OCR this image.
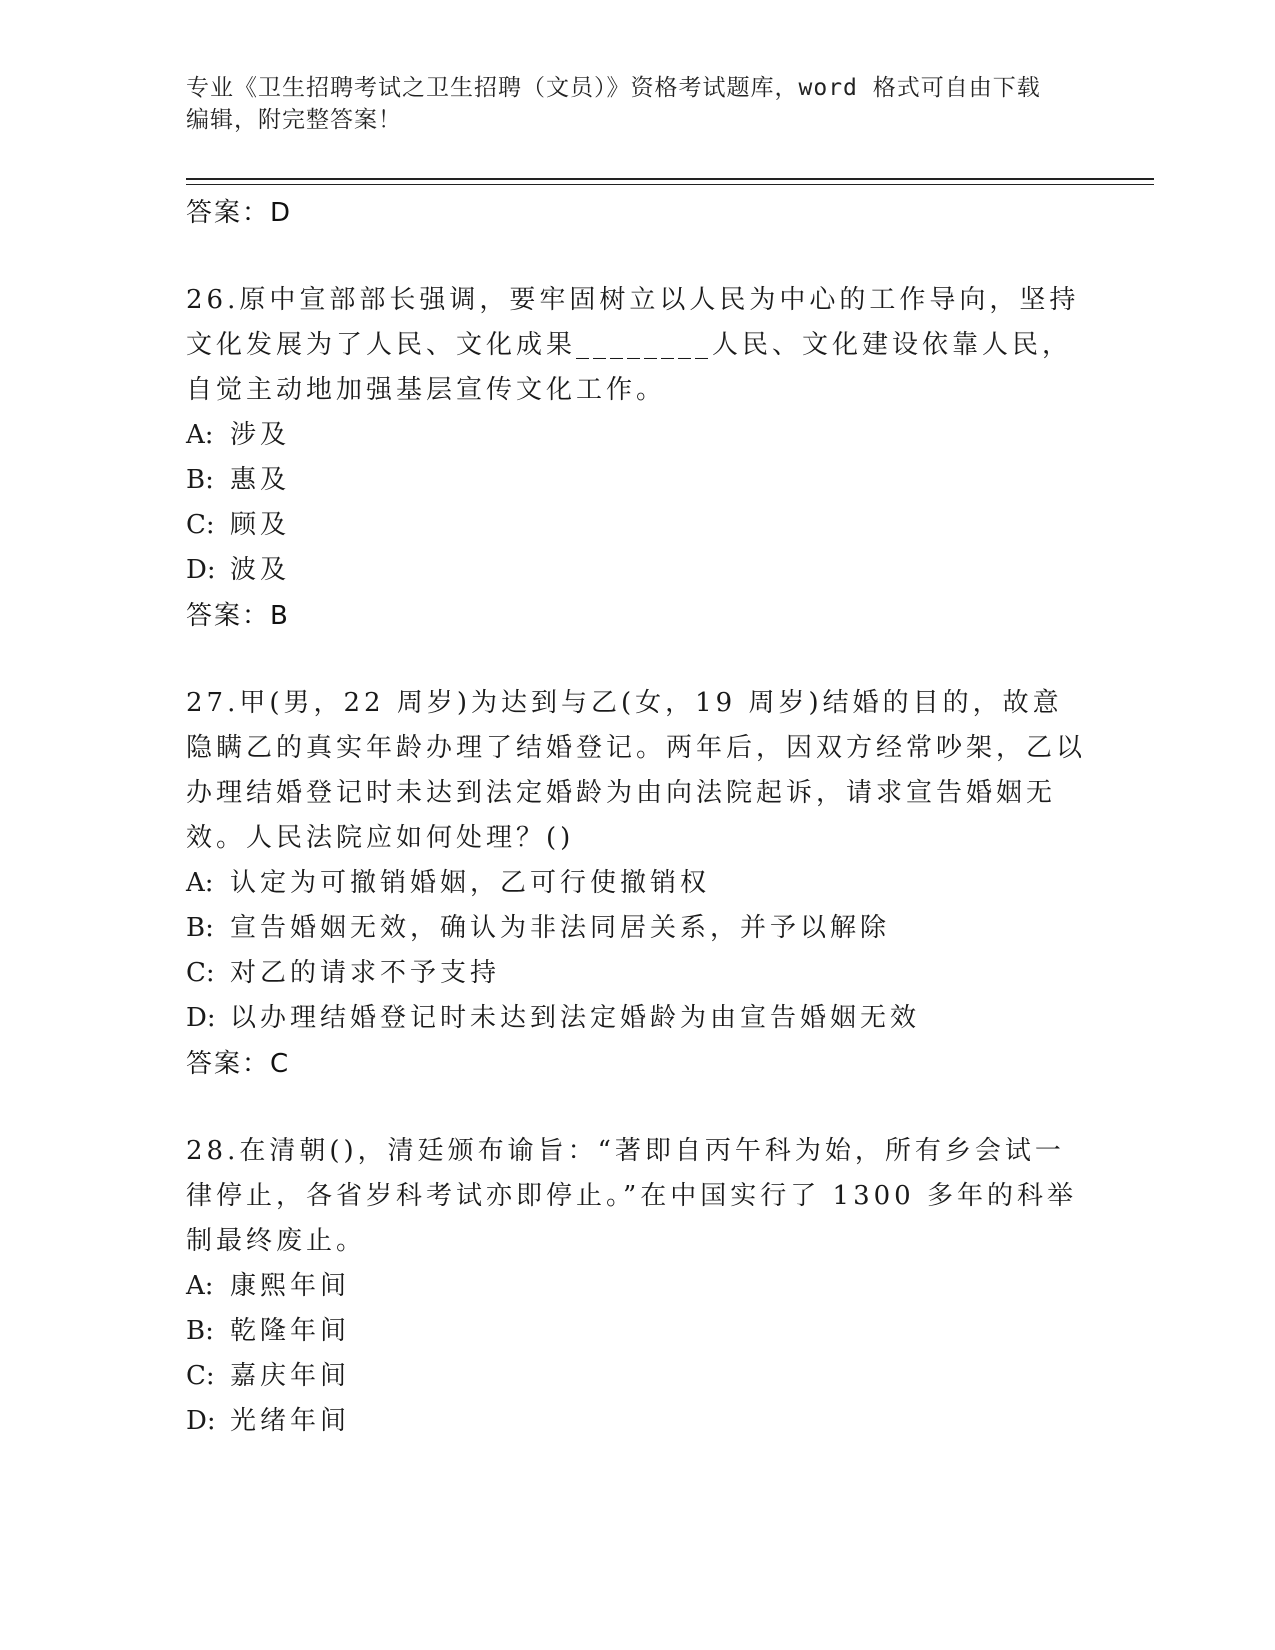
专业《卫生招聘考试之卫生招聘（文员）》资格考试题库，word 格式可自由下载
编辑，附完整答案！

答案：D

26.原中宣部部长强调，要牢固树立以人民为中心的工作导向，坚持文化发展为了人民、文化成果________人民、文化建设依靠人民，自觉主动地加强基层宣传文化工作。

A: 涉及

B: 惠及

C: 顾及

D: 波及

答案：B

27.甲(男，22 周岁)为达到与乙(女，19 周岁)结婚的目的，故意隐瞒乙的真实年龄办理了结婚登记。两年后，因双方经常吵架，乙以办理结婚登记时未达到法定婚龄为由向法院起诉，请求宣告婚姻无效。人民法院应如何处理？()

A: 认定为可撤销婚姻，乙可行使撤销权

B: 宣告婚姻无效，确认为非法同居关系，并予以解除

C: 对乙的请求不予支持

D: 以办理结婚登记时未达到法定婚龄为由宣告婚姻无效

答案：C

28.在清朝()，清廷颁布谕旨：“著即自丙午科为始，所有乡会试一律停止，各省岁科考试亦即停止。”在中国实行了 1300 多年的科举制最终废止。

A: 康熙年间

B: 乾隆年间

C: 嘉庆年间

D: 光绪年间
